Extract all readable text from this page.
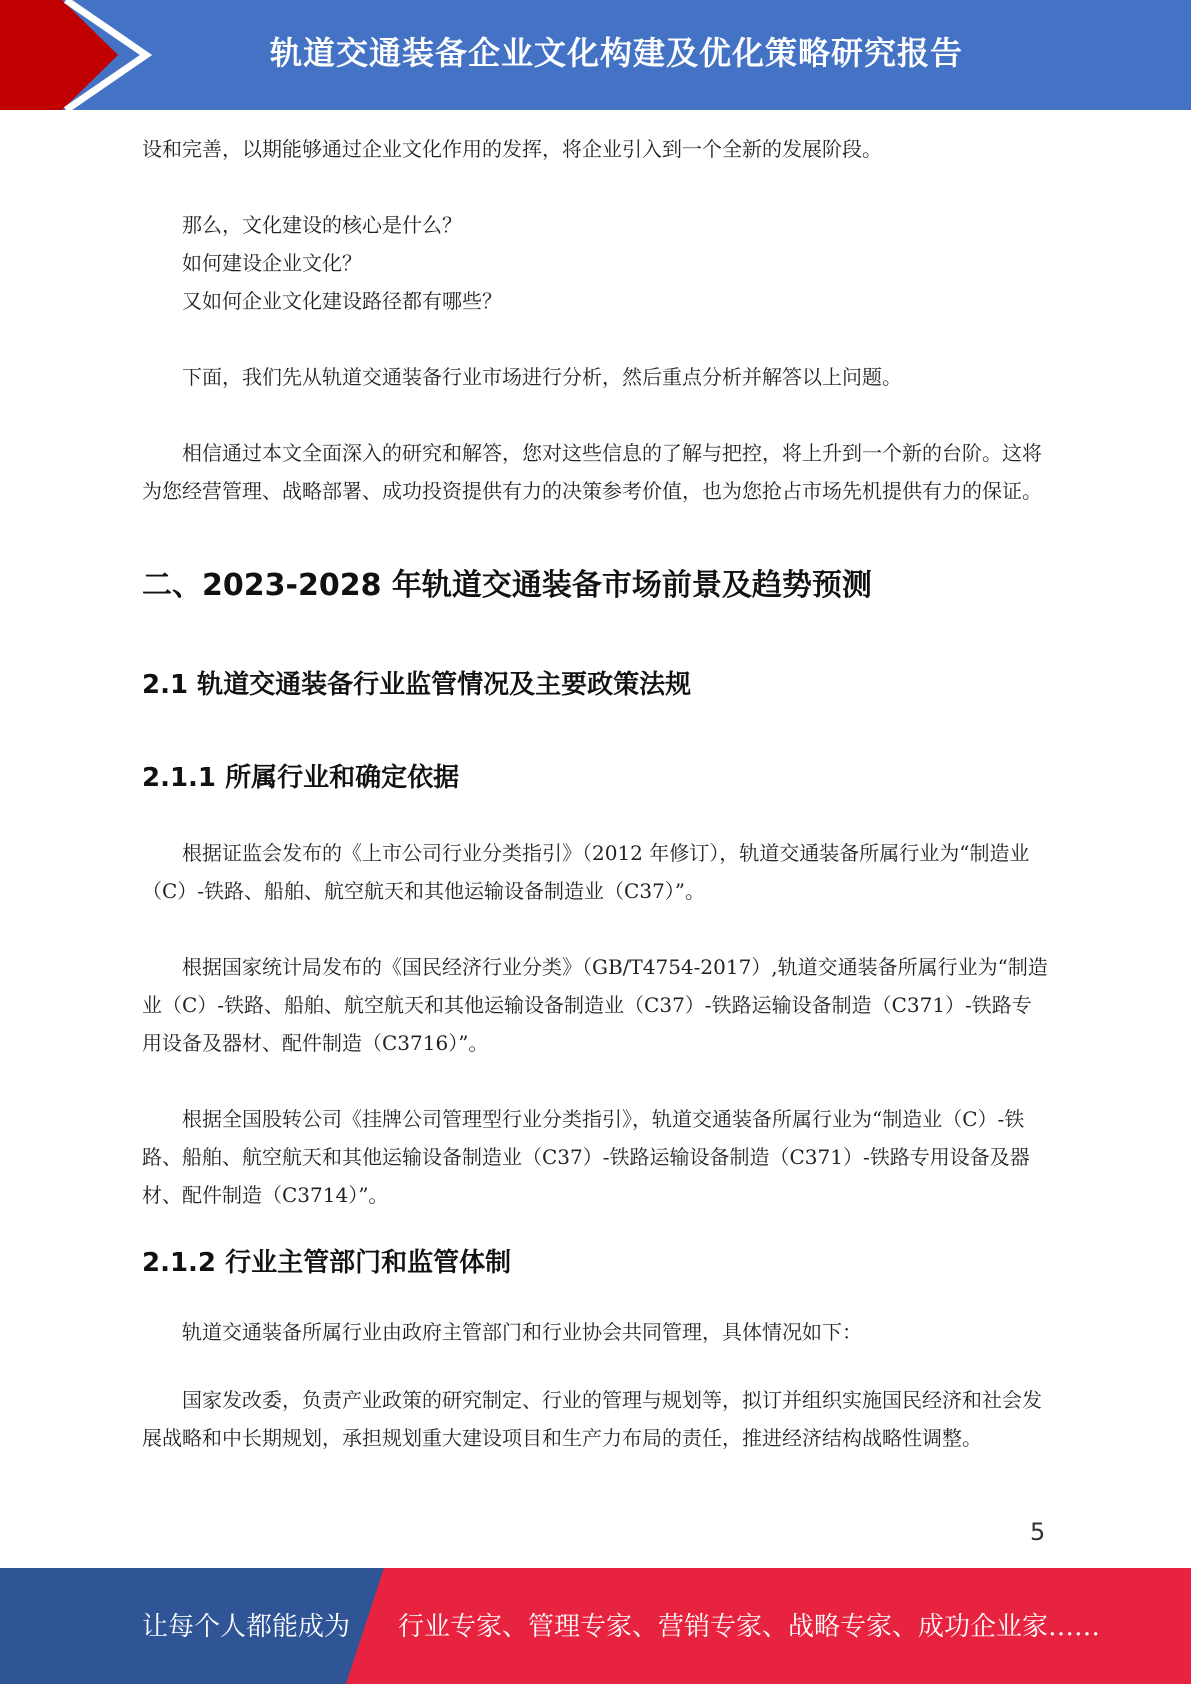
轨道交通装备企业文化构建及优化策略研究报告

设和完善，以期能够通过企业文化作用的发挥，将企业引入到一个全新的发展阶段。

那么，文化建设的核心是什么？

如何建设企业文化？

又如何企业文化建设路径都有哪些？

下面，我们先从轨道交通装备行业市场进行分析，然后重点分析并解答以上问题。

相信通过本文全面深入的研究和解答，您对这些信息的了解与把控，将上升到一个新的台阶。这将为您经营管理、战略部署、成功投资提供有力的决策参考价值，也为您抢占市场先机提供有力的保证。

二、2023-2028 年轨道交通装备市场前景及趋势预测
2.1 轨道交通装备行业监管情况及主要政策法规
2.1.1 所属行业和确定依据

根据证监会发布的《上市公司行业分类指引》（2012 年修订），轨道交通装备所属行业为“制造业（C）-铁路、船舶、航空航天和其他运输设备制造业（C37）”。

根据国家统计局发布的《国民经济行业分类》（GB/T4754-2017）,轨道交通装备所属行业为“制造业（C）-铁路、船舶、航空航天和其他运输设备制造业（C37）-铁路运输设备制造（C371）-铁路专用设备及器材、配件制造（C3716）”。

根据全国股转公司《挂牌公司管理型行业分类指引》，轨道交通装备所属行业为“制造业（C）-铁路、船舶、航空航天和其他运输设备制造业（C37）-铁路运输设备制造（C371）-铁路专用设备及器材、配件制造（C3714）”。

2.1.2 行业主管部门和监管体制

轨道交通装备所属行业由政府主管部门和行业协会共同管理，具体情况如下：

国家发改委，负责产业政策的研究制定、行业的管理与规划等，拟订并组织实施国民经济和社会发展战略和中长期规划，承担规划重大建设项目和生产力布局的责任，推进经济结构战略性调整。

5
让每个人都能成为 行业专家、管理专家、营销专家、战略专家、成功企业家……
